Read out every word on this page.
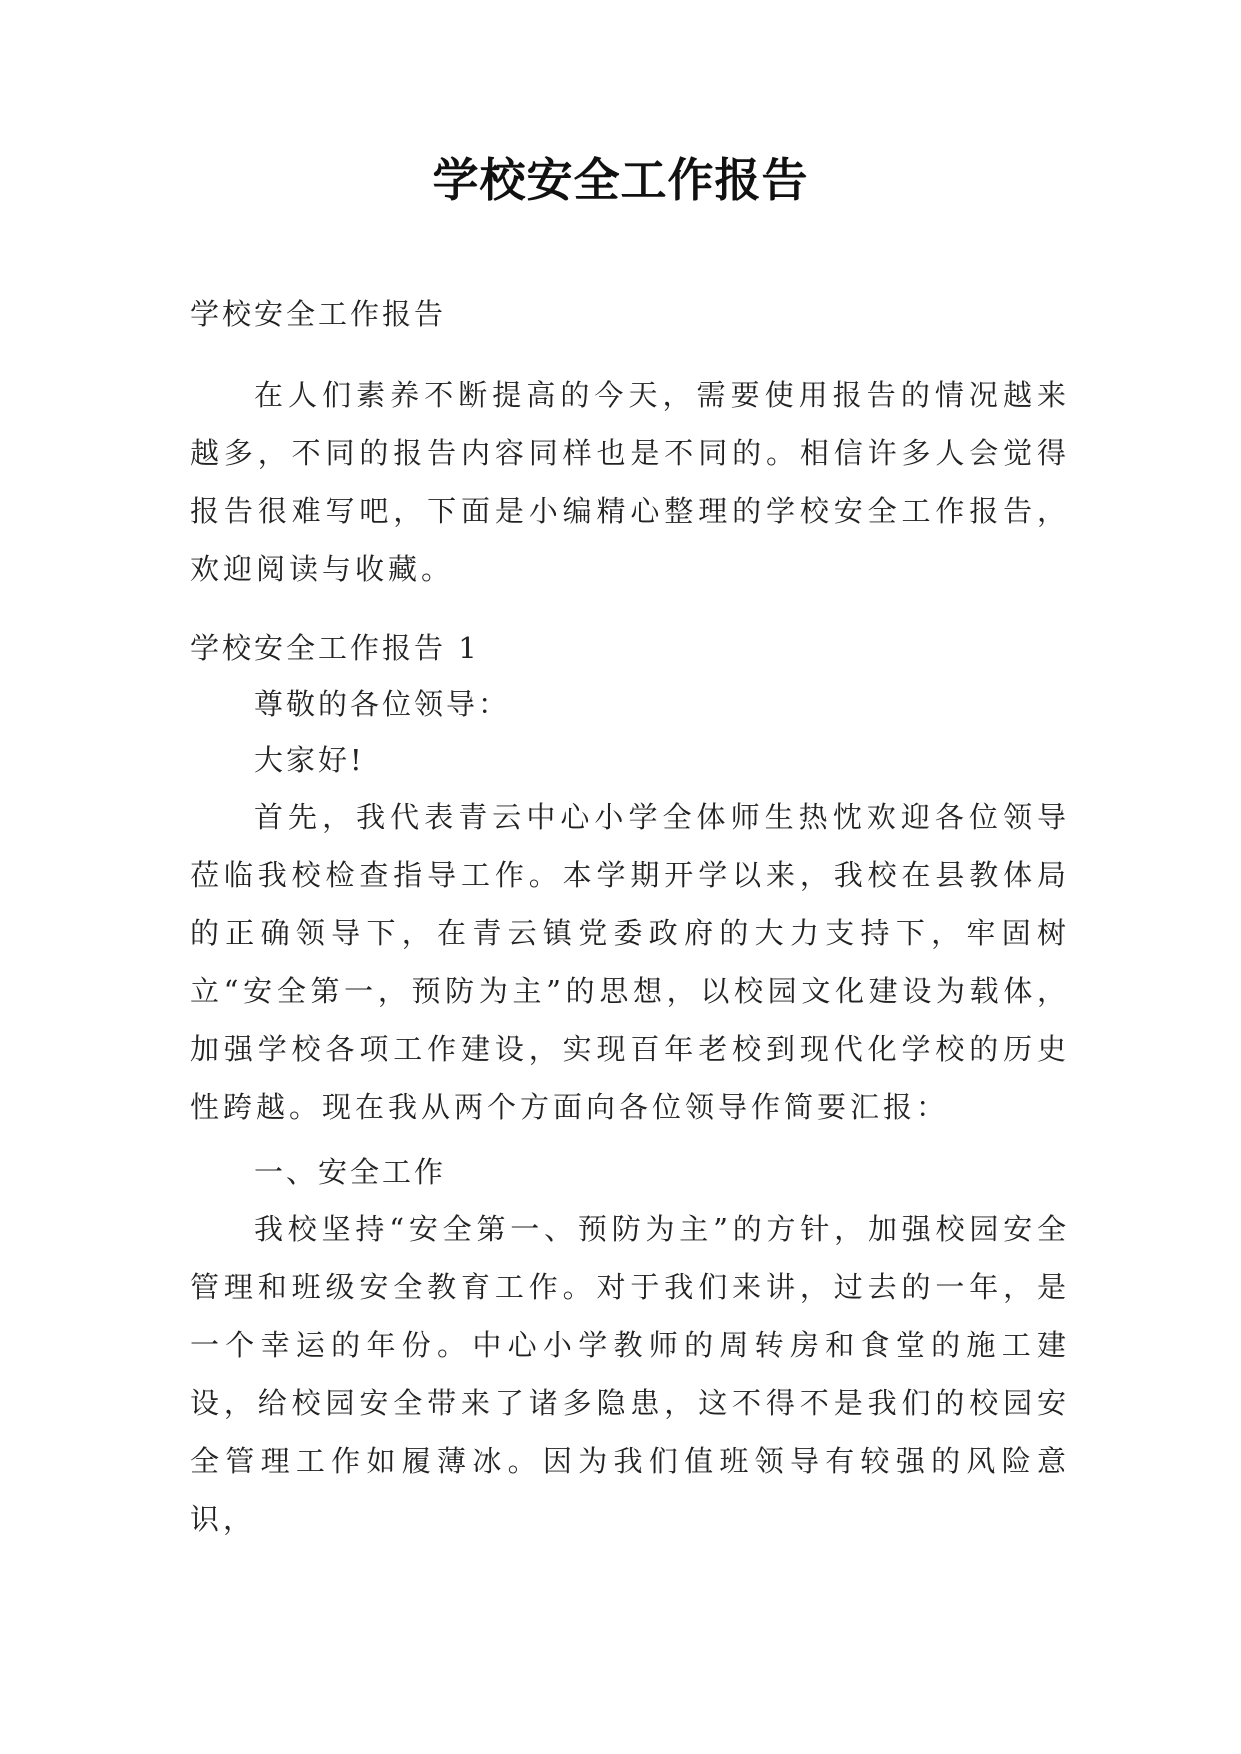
学校安全工作报告
学校安全工作报告
在人们素养不断提高的今天，需要使用报告的情况越来越多，不同的报告内容同样也是不同的。相信许多人会觉得报告很难写吧，下面是小编精心整理的学校安全工作报告，欢迎阅读与收藏。
学校安全工作报告 1
尊敬的各位领导：
大家好!
首先，我代表青云中心小学全体师生热忱欢迎各位领导莅临我校检查指导工作。本学期开学以来，我校在县教体局的正确领导下，在青云镇党委政府的大力支持下，牢固树立“安全第一，预防为主”的思想，以校园文化建设为载体，加强学校各项工作建设，实现百年老校到现代化学校的历史性跨越。现在我从两个方面向各位领导作简要汇报：
一、安全工作
我校坚持“安全第一、预防为主”的方针，加强校园安全管理和班级安全教育工作。对于我们来讲，过去的一年，是一个幸运的年份。中心小学教师的周转房和食堂的施工建设，给校园安全带来了诸多隐患，这不得不是我们的校园安全管理工作如履薄冰。因为我们值班领导有较强的风险意识，
